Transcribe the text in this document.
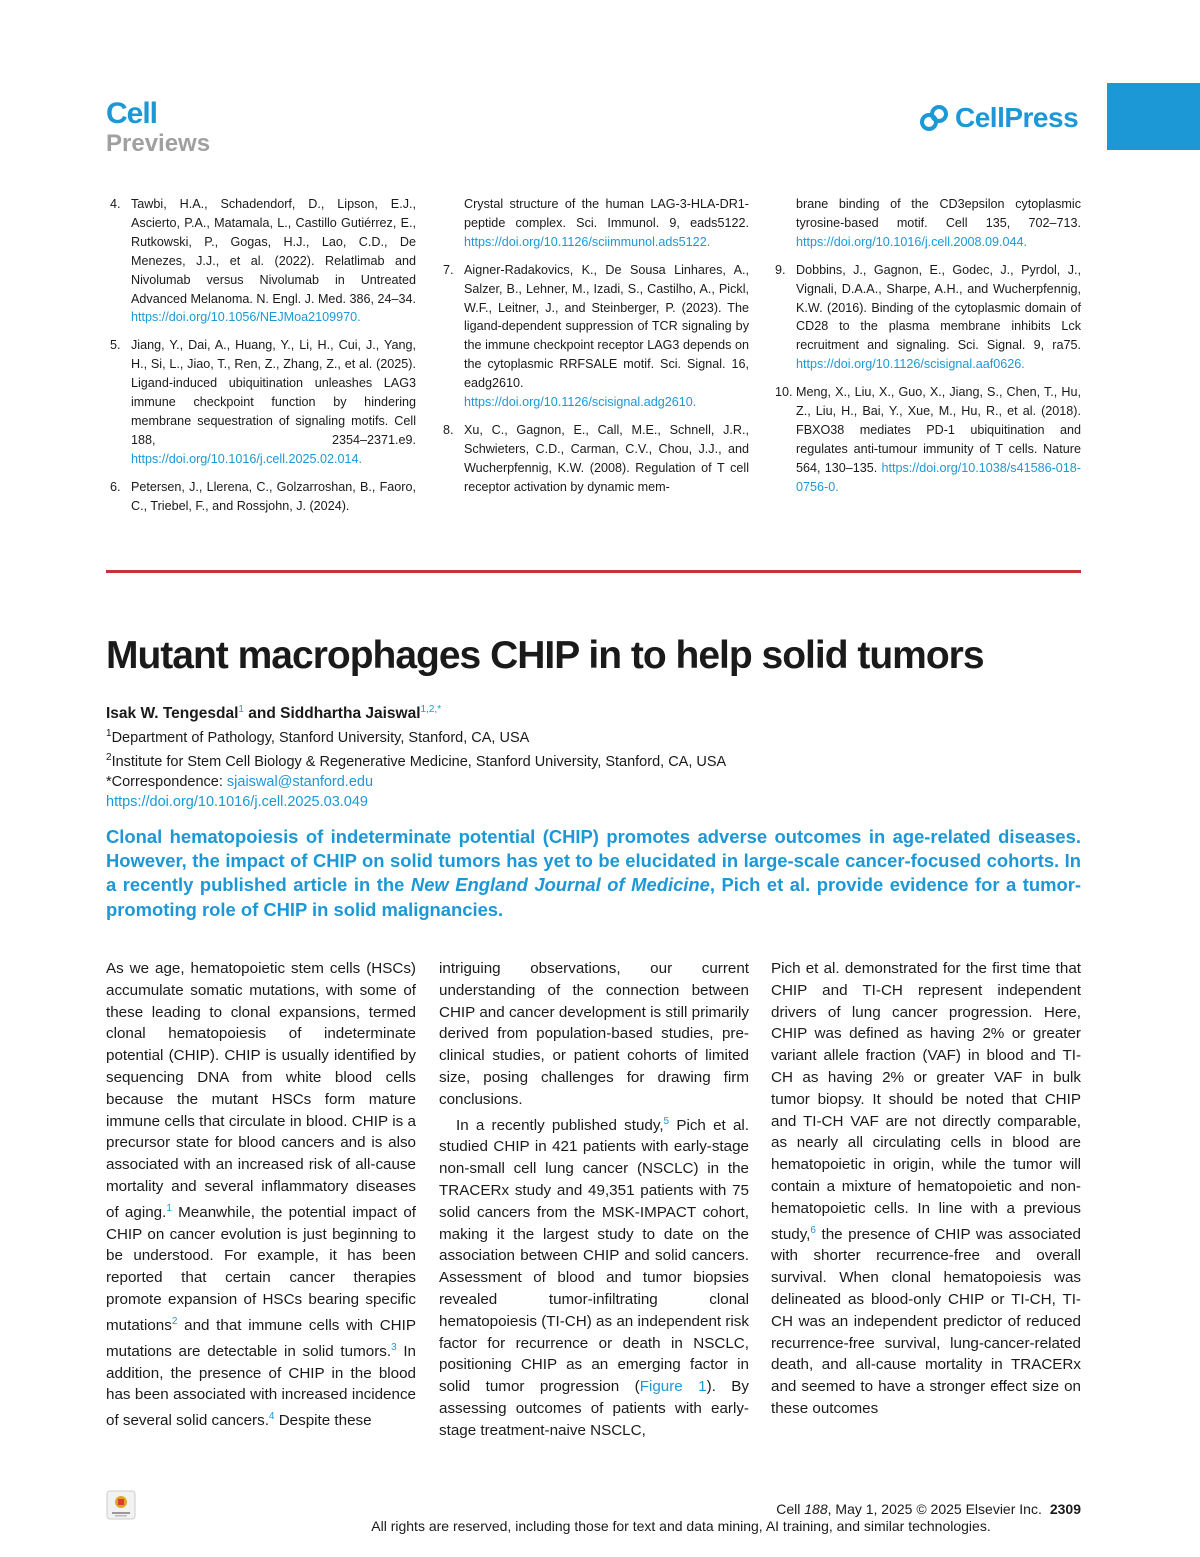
Cell
Previews
CellPress
4. Tawbi, H.A., Schadendorf, D., Lipson, E.J., Ascierto, P.A., Matamala, L., Castillo Gutiérrez, E., Rutkowski, P., Gogas, H.J., Lao, C.D., De Menezes, J.J., et al. (2022). Relatlimab and Nivolumab versus Nivolumab in Untreated Advanced Melanoma. N. Engl. J. Med. 386, 24–34. https://doi.org/10.1056/NEJMoa2109970.
5. Jiang, Y., Dai, A., Huang, Y., Li, H., Cui, J., Yang, H., Si, L., Jiao, T., Ren, Z., Zhang, Z., et al. (2025). Ligand-induced ubiquitination unleashes LAG3 immune checkpoint function by hindering membrane sequestration of signaling motifs. Cell 188, 2354–2371.e9. https://doi.org/10.1016/j.cell.2025.02.014.
6. Petersen, J., Llerena, C., Golzarroshan, B., Faoro, C., Triebel, F., and Rossjohn, J. (2024).
Crystal structure of the human LAG-3-HLA-DR1-peptide complex. Sci. Immunol. 9, eads5122. https://doi.org/10.1126/sciimmunol.ads5122.
7. Aigner-Radakovics, K., De Sousa Linhares, A., Salzer, B., Lehner, M., Izadi, S., Castilho, A., Pickl, W.F., Leitner, J., and Steinberger, P. (2023). The ligand-dependent suppression of TCR signaling by the immune checkpoint receptor LAG3 depends on the cytoplasmic RRFSALE motif. Sci. Signal. 16, eadg2610. https://doi.org/10.1126/scisignal.adg2610.
8. Xu, C., Gagnon, E., Call, M.E., Schnell, J.R., Schwieters, C.D., Carman, C.V., Chou, J.J., and Wucherpfennig, K.W. (2008). Regulation of T cell receptor activation by dynamic mem-
brane binding of the CD3epsilon cytoplasmic tyrosine-based motif. Cell 135, 702–713. https://doi.org/10.1016/j.cell.2008.09.044.
9. Dobbins, J., Gagnon, E., Godec, J., Pyrdol, J., Vignali, D.A.A., Sharpe, A.H., and Wucherpfennig, K.W. (2016). Binding of the cytoplasmic domain of CD28 to the plasma membrane inhibits Lck recruitment and signaling. Sci. Signal. 9, ra75. https://doi.org/10.1126/scisignal.aaf0626.
10. Meng, X., Liu, X., Guo, X., Jiang, S., Chen, T., Hu, Z., Liu, H., Bai, Y., Xue, M., Hu, R., et al. (2018). FBXO38 mediates PD-1 ubiquitination and regulates anti-tumour immunity of T cells. Nature 564, 130–135. https://doi.org/10.1038/s41586-018-0756-0.
Mutant macrophages CHIP in to help solid tumors
Isak W. Tengesdal$^1$ and Siddhartha Jaiswal$^{1,2,*}$
$^1$Department of Pathology, Stanford University, Stanford, CA, USA
$^2$Institute for Stem Cell Biology & Regenerative Medicine, Stanford University, Stanford, CA, USA
*Correspondence: sjaiswal@stanford.edu
https://doi.org/10.1016/j.cell.2025.03.049
Clonal hematopoiesis of indeterminate potential (CHIP) promotes adverse outcomes in age-related diseases. However, the impact of CHIP on solid tumors has yet to be elucidated in large-scale cancer-focused cohorts. In a recently published article in the New England Journal of Medicine, Pich et al. provide evidence for a tumor-promoting role of CHIP in solid malignancies.

As we age, hematopoietic stem cells (HSCs) accumulate somatic mutations, with some of these leading to clonal expansions, termed clonal hematopoiesis of indeterminate potential (CHIP). CHIP is usually identified by sequencing DNA from white blood cells because the mutant HSCs form mature immune cells that circulate in blood. CHIP is a precursor state for blood cancers and is also associated with an increased risk of all-cause mortality and several inflammatory diseases of aging.$^1$ Meanwhile, the potential impact of CHIP on cancer evolution is just beginning to be understood. For example, it has been reported that certain cancer therapies promote expansion of HSCs bearing specific mutations$^2$ and that immune cells with CHIP mutations are detectable in solid tumors.$^3$ In addition, the presence of CHIP in the blood has been associated with increased incidence of several solid cancers.$^4$ Despite these

intriguing observations, our current understanding of the connection between CHIP and cancer development is still primarily derived from population-based studies, pre-clinical studies, or patient cohorts of limited size, posing challenges for drawing firm conclusions.

In a recently published study,$^5$ Pich et al. studied CHIP in 421 patients with early-stage non-small cell lung cancer (NSCLC) in the TRACERx study and 49,351 patients with 75 solid cancers from the MSK-IMPACT cohort, making it the largest study to date on the association between CHIP and solid cancers. Assessment of blood and tumor biopsies revealed tumor-infiltrating clonal hematopoiesis (TI-CH) as an independent risk factor for recurrence or death in NSCLC, positioning CHIP as an emerging factor in solid tumor progression (Figure 1). By assessing outcomes of patients with early-stage treatment-naive NSCLC,

Pich et al. demonstrated for the first time that CHIP and TI-CH represent independent drivers of lung cancer progression. Here, CHIP was defined as having 2% or greater variant allele fraction (VAF) in blood and TI-CH as having 2% or greater VAF in bulk tumor biopsy. It should be noted that CHIP and TI-CH VAF are not directly comparable, as nearly all circulating cells in blood are hematopoietic in origin, while the tumor will contain a mixture of hematopoietic and non-hematopoietic cells. In line with a previous study,$^6$ the presence of CHIP was associated with shorter recurrence-free and overall survival. When clonal hematopoiesis was delineated as blood-only CHIP or TI-CH, TI-CH was an independent predictor of reduced recurrence-free survival, lung-cancer-related death, and all-cause mortality in TRACERx and seemed to have a stronger effect size on these outcomes

Cell 188, May 1, 2025 © 2025 Elsevier Inc. 2309
All rights are reserved, including those for text and data mining, AI training, and similar technologies.
